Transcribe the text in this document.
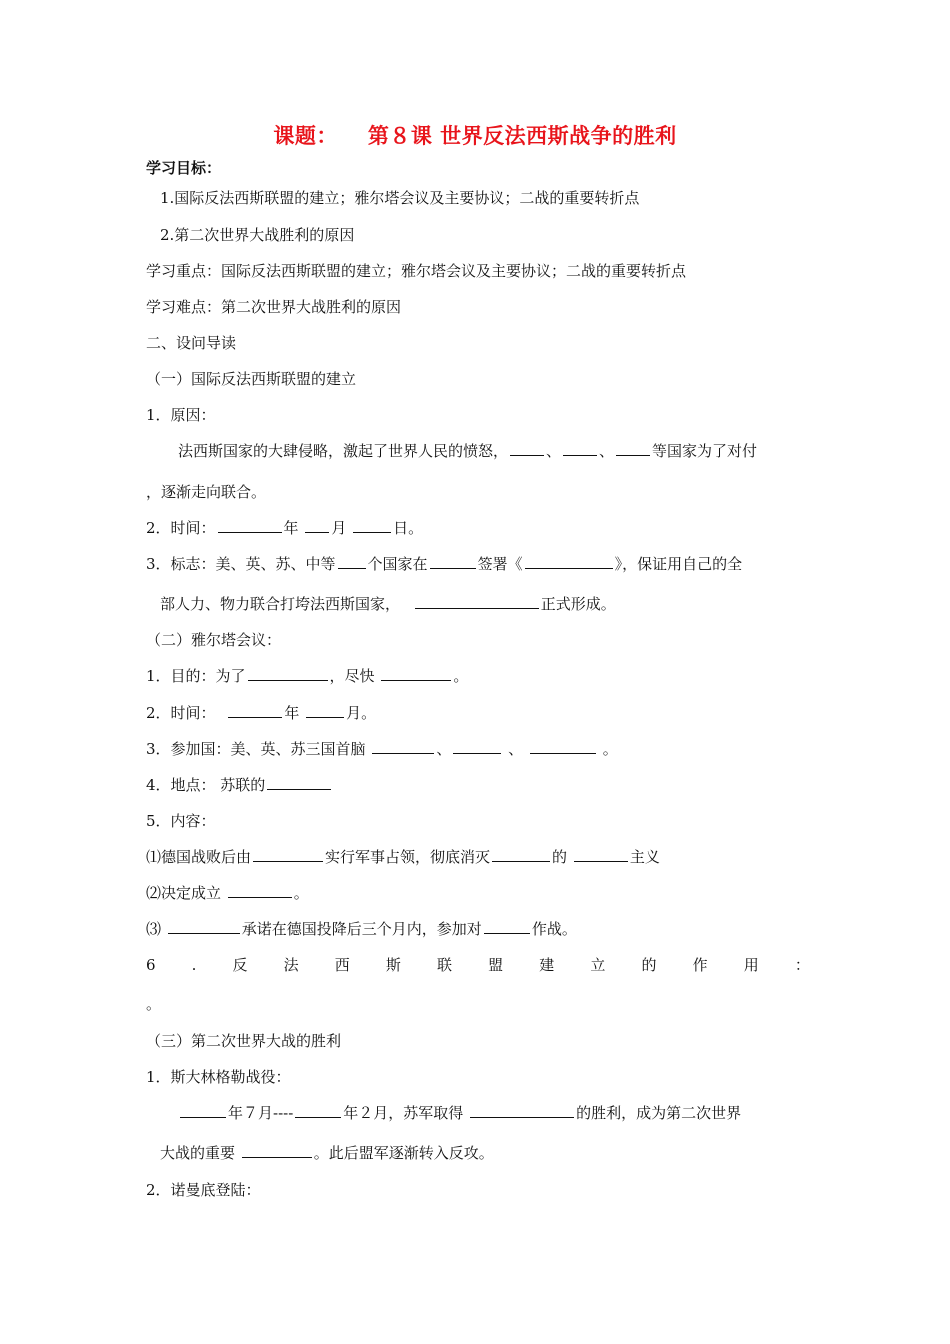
课题： 第８课 世界反法西斯战争的胜利
学习目标：
1.国际反法西斯联盟的建立；雅尔塔会议及主要协议；二战的重要转折点
2.第二次世界大战胜利的原因
学习重点：国际反法西斯联盟的建立；雅尔塔会议及主要协议；二战的重要转折点
学习难点：第二次世界大战胜利的原因
二、设问导读
（一）国际反法西斯联盟的建立
1．原因：
法西斯国家的大肆侵略，激起了世界人民的愤怒，	、	、	等国家为了对付
，逐渐走向联合。
2．时间：	年 月	日。
3．标志：美、英、苏、中等 个国家在	签署《	》，保证用自己的全
部人力、物力联合打垮法西斯国家，	正式形成。
（二）雅尔塔会议：
1．目的：为了	，尽快	。
2．时间：	年	月。
3．参加国：美、英、苏三国首脑	、	、	。
4．地点： 苏联的
5．内容：
⑴德国战败后由	实行军事占领，彻底消灭	的	主义
⑵决定成立	。
⑶	承诺在德国投降后三个月内，参加对	作战。
6 . 反 法 西 斯 联 盟 建 立 的 作 用 ：
。
（三）第二次世界大战的胜利
1．斯大林格勒战役：
年７月----	年２月，苏军取得	的胜利，成为第二次世界
大战的重要	。此后盟军逐渐转入反攻。
2．诺曼底登陆：
